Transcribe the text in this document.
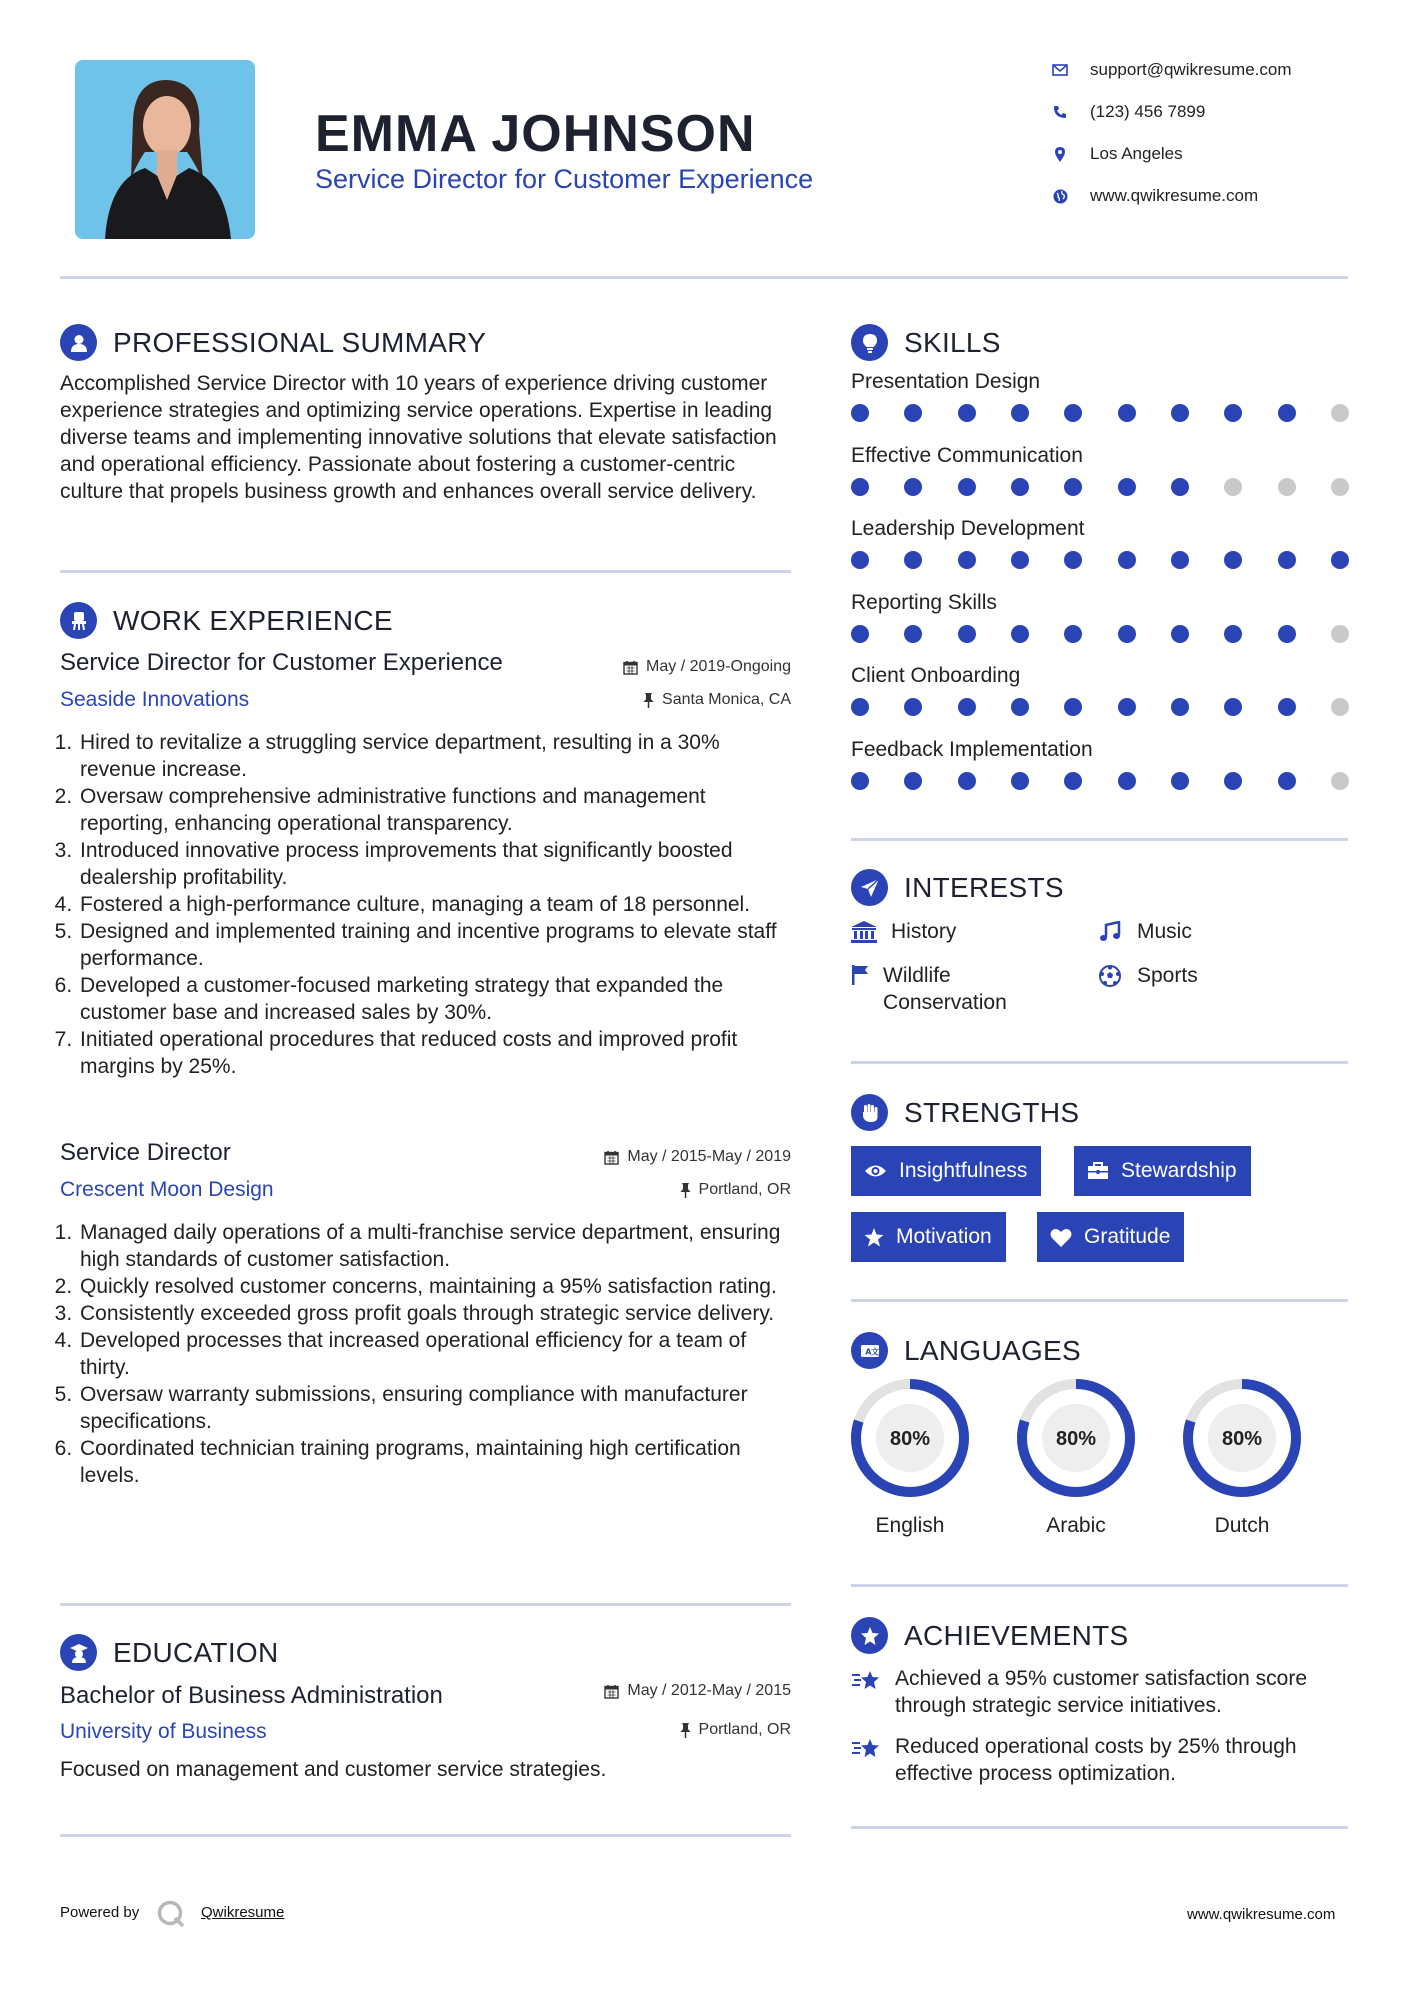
EMMA JOHNSON
Service Director for Customer Experience
support@qwikresume.com
(123) 456 7899
Los Angeles
www.qwikresume.com
PROFESSIONAL SUMMARY
Accomplished Service Director with 10 years of experience driving customer experience strategies and optimizing service operations. Expertise in leading diverse teams and implementing innovative solutions that elevate satisfaction and operational efficiency. Passionate about fostering a customer-centric culture that propels business growth and enhances overall service delivery.
WORK EXPERIENCE
Service Director for Customer Experience	May / 2019-Ongoing
Seaside Innovations	Santa Monica, CA
1. Hired to revitalize a struggling service department, resulting in a 30% revenue increase.
2. Oversaw comprehensive administrative functions and management reporting, enhancing operational transparency.
3. Introduced innovative process improvements that significantly boosted dealership profitability.
4. Fostered a high-performance culture, managing a team of 18 personnel.
5. Designed and implemented training and incentive programs to elevate staff performance.
6. Developed a customer-focused marketing strategy that expanded the customer base and increased sales by 30%.
7. Initiated operational procedures that reduced costs and improved profit margins by 25%.
Service Director	May / 2015-May / 2019
Crescent Moon Design	Portland, OR
1. Managed daily operations of a multi-franchise service department, ensuring high standards of customer satisfaction.
2. Quickly resolved customer concerns, maintaining a 95% satisfaction rating.
3. Consistently exceeded gross profit goals through strategic service delivery.
4. Developed processes that increased operational efficiency for a team of thirty.
5. Oversaw warranty submissions, ensuring compliance with manufacturer specifications.
6. Coordinated technician training programs, maintaining high certification levels.
EDUCATION
Bachelor of Business Administration	May / 2012-May / 2015
University of Business	Portland, OR
Focused on management and customer service strategies.
SKILLS
Presentation Design
Effective Communication
Leadership Development
Reporting Skills
Client Onboarding
Feedback Implementation
INTERESTS
History	Music
Wildlife Conservation
Sports
STRENGTHS
Insightfulness	Stewardship
Motivation	Gratitude
A 文 LANGUAGES
80%
English
80%
Arabic
80%
Dutch
ACHIEVEMENTS
Achieved a 95% customer satisfaction score through strategic service initiatives.
Reduced operational costs by 25% through effective process optimization.
Powered by	Qwikresume	www.qwikresume.com
